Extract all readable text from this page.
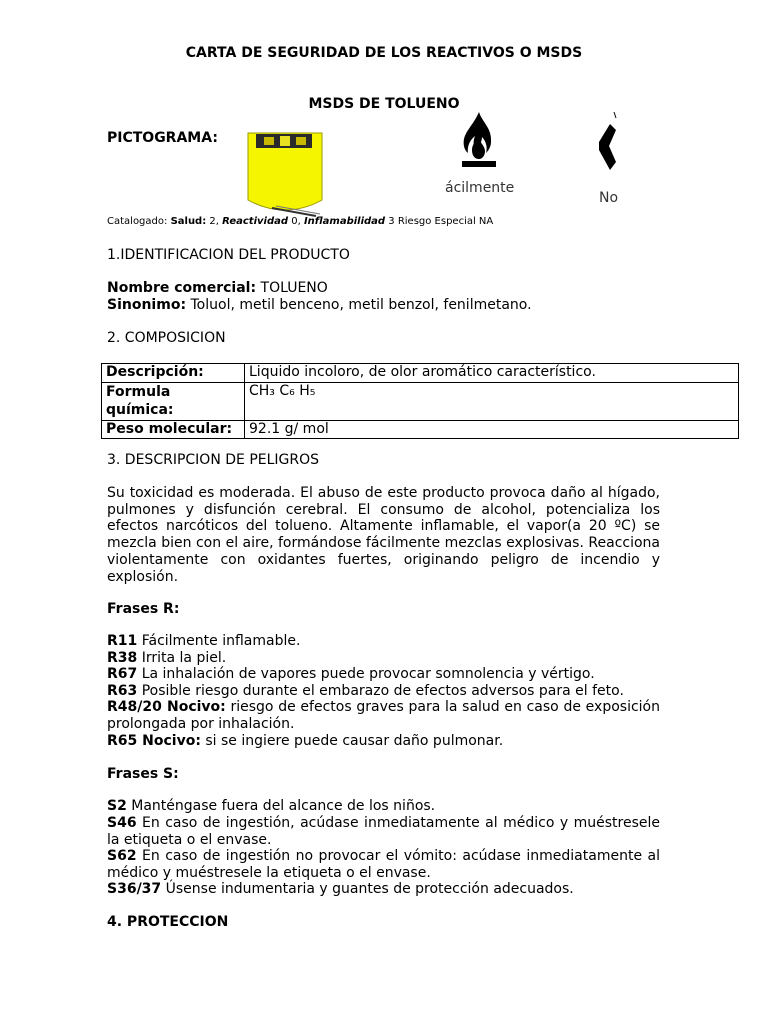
CARTA DE SEGURIDAD DE LOS REACTIVOS O MSDS
MSDS DE TOLUENO
PICTOGRAMA:
ácilmente
No
Catalogado: Salud: 2, Reactividad 0, Inflamabilidad 3 Riesgo Especial NA
1.IDENTIFICACION DEL PRODUCTO
Nombre comercial: TOLUENO
Sinonimo: Toluol, metil benceno, metil benzol, fenilmetano.
2. COMPOSICION
Descripción:	Liquido incoloro, de olor aromático característico.
Formula química:	CH₃ C₆ H₅
Peso molecular:	92.1 g/ mol
3. DESCRIPCION DE PELIGROS
Su toxicidad es moderada. El abuso de este producto provoca daño al hígado, pulmones y disfunción cerebral. El consumo de alcohol, potencializa los efectos narcóticos del tolueno. Altamente inflamable, el vapor(a 20 ºC) se mezcla bien con el aire, formándose fácilmente mezclas explosivas. Reacciona violentamente con oxidantes fuertes, originando peligro de incendio y explosión.
Frases R:
R11 Fácilmente inflamable.
R38 Irrita la piel.
R67 La inhalación de vapores puede provocar somnolencia y vértigo.
R63 Posible riesgo durante el embarazo de efectos adversos para el feto.
R48/20 Nocivo: riesgo de efectos graves para la salud en caso de exposición prolongada por inhalación.
R65 Nocivo: si se ingiere puede causar daño pulmonar.
Frases S:
S2 Manténgase fuera del alcance de los niños.
S46 En caso de ingestión, acúdase inmediatamente al médico y muéstresele la etiqueta o el envase.
S62 En caso de ingestión no provocar el vómito: acúdase inmediatamente al médico y muéstresele la etiqueta o el envase.
S36/37 Úsense indumentaria y guantes de protección adecuados.
4. PROTECCION
